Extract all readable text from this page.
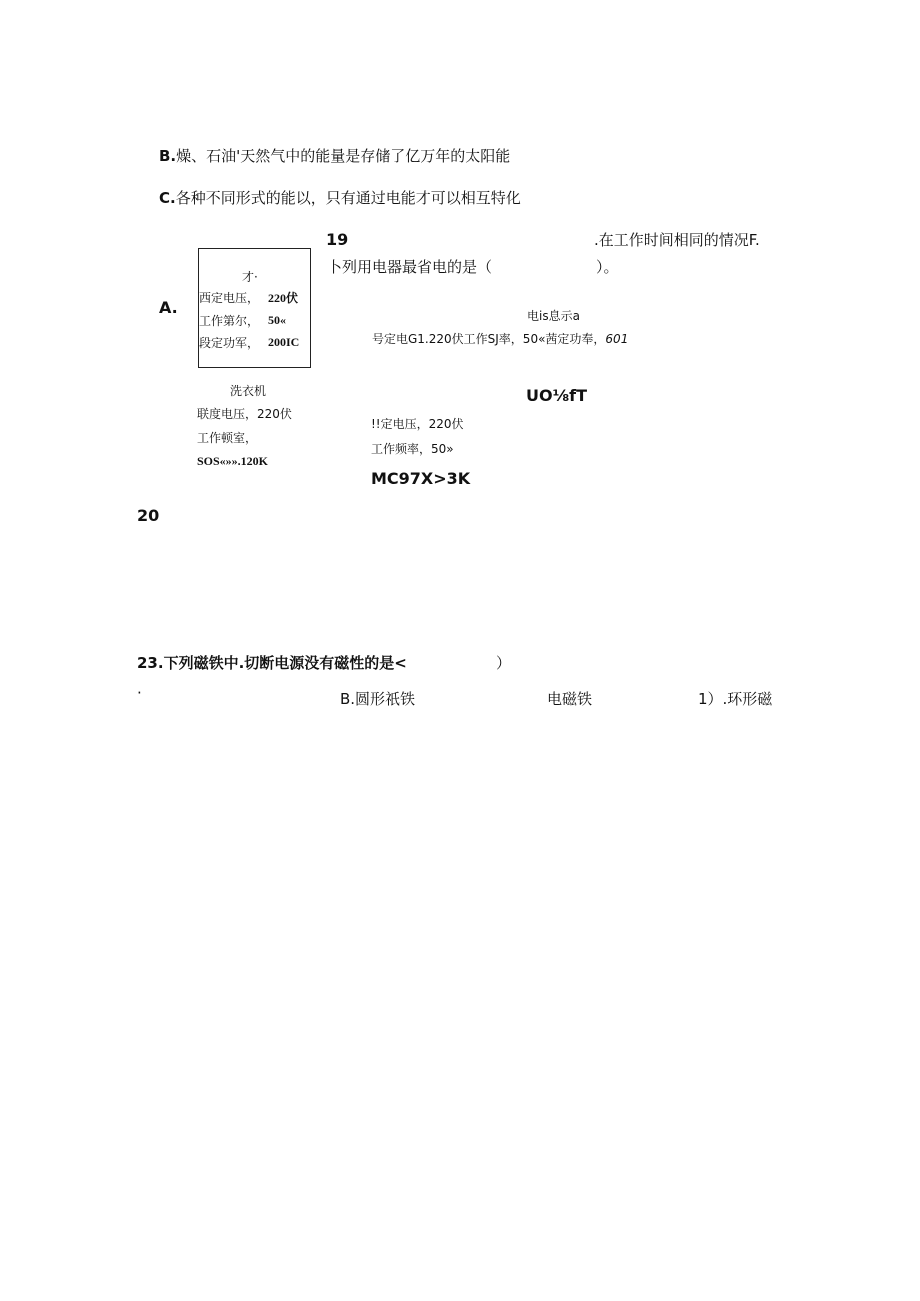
B.燥、石油'天然气中的能量是存储了亿万年的太阳能
C.各种不同形式的能以，只有通过电能才可以相互特化
19	.在工作时间相同的情况F.
卜列用电器最省电的是（	）。
A.
才·
西定电压， 220伏
工作第尔， 50«
段定功军， 200IC
洗衣机
联度电压，220伏
工作顿室，
SOS«»».120K
电is息示a
号定电G1.220伏工作SJ率，50«茜定功奉，601
UO⅛fT
!!定电压，220伏
工作频率，50»
MC97X>3K
20
23.下列磁铁中.切断电源没有磁性的是<	）
·	B.圆形祇铁	电磁铁	1）.环形磁
